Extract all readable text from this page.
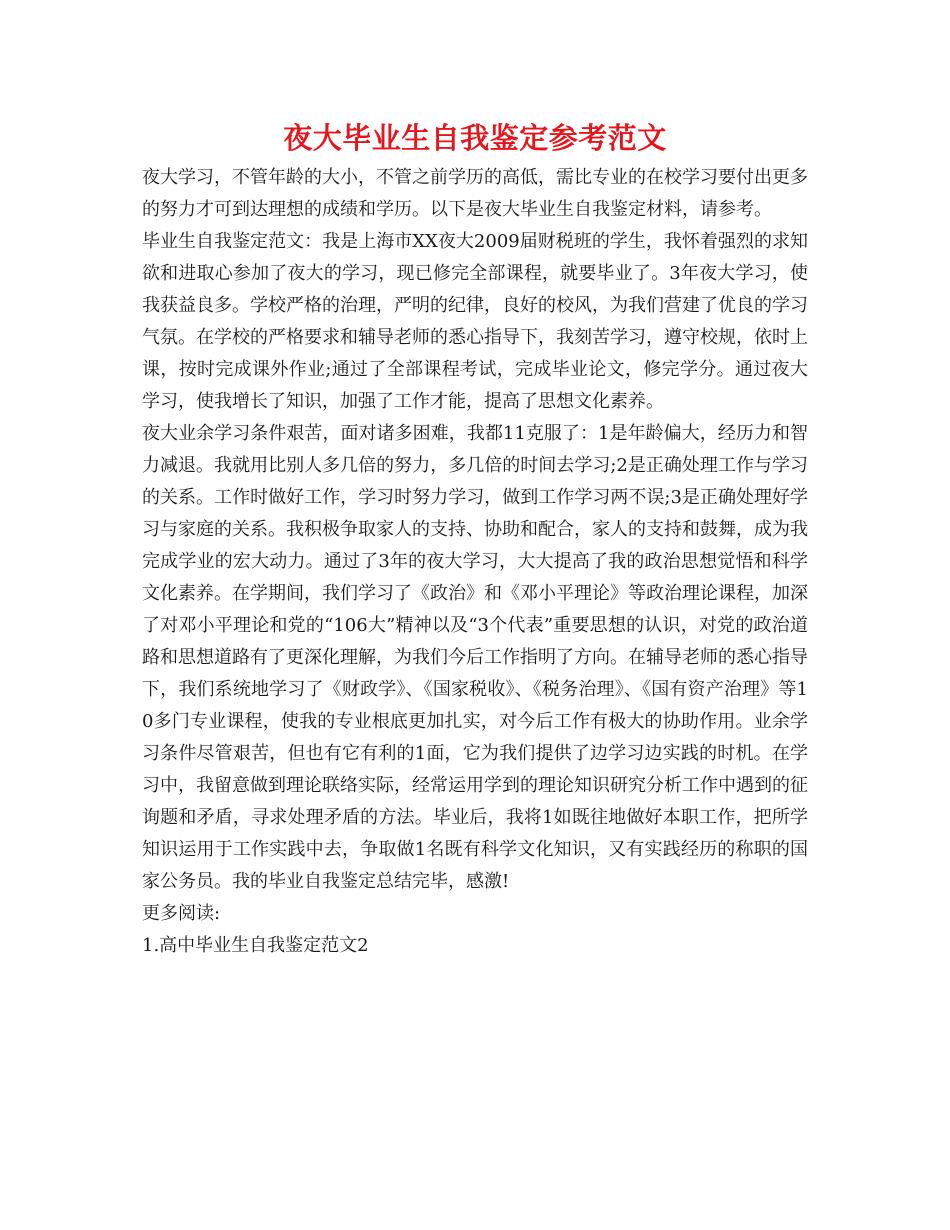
夜大毕业生自我鉴定参考范文

夜大学习，不管年龄的大小，不管之前学历的高低，需比专业的在校学习要付出更多的努力才可到达理想的成绩和学历。以下是夜大毕业生自我鉴定材料，请参考。

毕业生自我鉴定范文：我是上海市XX夜大2009届财税班的学生，我怀着强烈的求知欲和进取心参加了夜大的学习，现已修完全部课程，就要毕业了。3年夜大学习，使我获益良多。学校严格的治理，严明的纪律，良好的校风，为我们营建了优良的学习气氛。在学校的严格要求和辅导老师的悉心指导下，我刻苦学习，遵守校规，依时上课，按时完成课外作业;通过了全部课程考试，完成毕业论文，修完学分。通过夜大学习，使我增长了知识，加强了工作才能，提高了思想文化素养。

夜大业余学习条件艰苦，面对诸多困难，我都11克服了：1是年龄偏大，经历力和智力减退。我就用比别人多几倍的努力，多几倍的时间去学习;2是正确处理工作与学习的关系。工作时做好工作，学习时努力学习，做到工作学习两不误;3是正确处理好学习与家庭的关系。我积极争取家人的支持、协助和配合，家人的支持和鼓舞，成为我完成学业的宏大动力。通过了3年的夜大学习，大大提高了我的政治思想觉悟和科学文化素养。在学期间，我们学习了《政治》和《邓小平理论》等政治理论课程，加深了对邓小平理论和党的“106大”精神以及“3个代表”重要思想的认识，对党的政治道路和思想道路有了更深化理解，为我们今后工作指明了方向。在辅导老师的悉心指导下，我们系统地学习了《财政学》、《国家税收》、《税务治理》、《国有资产治理》等10多门专业课程，使我的专业根底更加扎实，对今后工作有极大的协助作用。业余学习条件尽管艰苦，但也有它有利的1面，它为我们提供了边学习边实践的时机。在学习中，我留意做到理论联络实际，经常运用学到的理论知识研究分析工作中遇到的征询题和矛盾，寻求处理矛盾的方法。毕业后，我将1如既往地做好本职工作，把所学知识运用于工作实践中去，争取做1名既有科学文化知识，又有实践经历的称职的国家公务员。我的毕业自我鉴定总结完毕，感激!

更多阅读:

1.高中毕业生自我鉴定范文2
